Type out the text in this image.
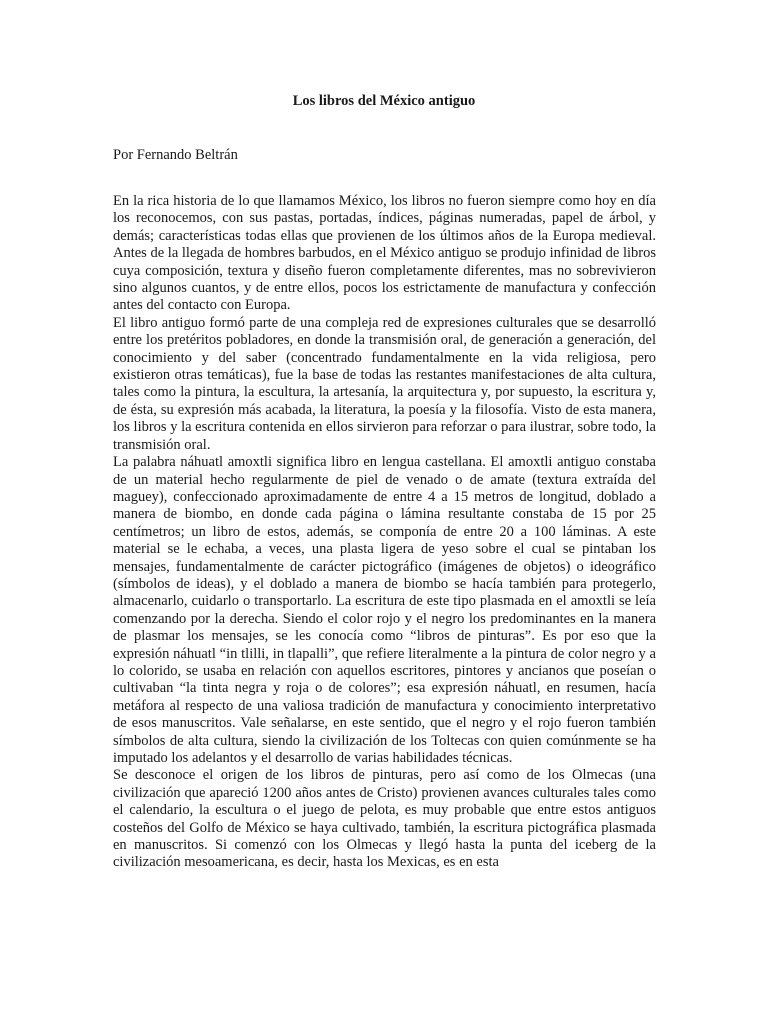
Los libros del México antiguo
Por Fernando Beltrán

En la rica historia de lo que llamamos México, los libros no fueron siempre como hoy en día los reconocemos, con sus pastas, portadas, índices, páginas numeradas, papel de árbol, y demás; características todas ellas que provienen de los últimos años de la Europa medieval. Antes de la llegada de hombres barbudos, en el México antiguo se produjo infinidad de libros cuya composición, textura y diseño fueron completamente diferentes, mas no sobrevivieron sino algunos cuantos, y de entre ellos, pocos los estrictamente de manufactura y confección antes del contacto con Europa.

El libro antiguo formó parte de una compleja red de expresiones culturales que se desarrolló entre los pretéritos pobladores, en donde la transmisión oral, de generación a generación, del conocimiento y del saber (concentrado fundamentalmente en la vida religiosa, pero existieron otras temáticas), fue la base de todas las restantes manifestaciones de alta cultura, tales como la pintura, la escultura, la artesanía, la arquitectura y, por supuesto, la escritura y, de ésta, su expresión más acabada, la literatura, la poesía y la filosofía. Visto de esta manera, los libros y la escritura contenida en ellos sirvieron para reforzar o para ilustrar, sobre todo, la transmisión oral.

La palabra náhuatl amoxtli significa libro en lengua castellana. El amoxtli antiguo constaba de un material hecho regularmente de piel de venado o de amate (textura extraída del maguey), confeccionado aproximadamente de entre 4 a 15 metros de longitud, doblado a manera de biombo, en donde cada página o lámina resultante constaba de 15 por 25 centímetros; un libro de estos, además, se componía de entre 20 a 100 láminas. A este material se le echaba, a veces, una plasta ligera de yeso sobre el cual se pintaban los mensajes, fundamentalmente de carácter pictográfico (imágenes de objetos) o ideográfico (símbolos de ideas), y el doblado a manera de biombo se hacía también para protegerlo, almacenarlo, cuidarlo o transportarlo. La escritura de este tipo plasmada en el amoxtli se leía comenzando por la derecha. Siendo el color rojo y el negro los predominantes en la manera de plasmar los mensajes, se les conocía como “libros de pinturas”. Es por eso que la expresión náhuatl “in tlilli, in tlapalli”, que refiere literalmente a la pintura de color negro y a lo colorido, se usaba en relación con aquellos escritores, pintores y ancianos que poseían o cultivaban “la tinta negra y roja o de colores”; esa expresión náhuatl, en resumen, hacía metáfora al respecto de una valiosa tradición de manufactura y conocimiento interpretativo de esos manuscritos. Vale señalarse, en este sentido, que el negro y el rojo fueron también símbolos de alta cultura, siendo la civilización de los Toltecas con quien comúnmente se ha imputado los adelantos y el desarrollo de varias habilidades técnicas.

Se desconoce el origen de los libros de pinturas, pero así como de los Olmecas (una civilización que apareció 1200 años antes de Cristo) provienen avances culturales tales como el calendario, la escultura o el juego de pelota, es muy probable que entre estos antiguos costeños del Golfo de México se haya cultivado, también, la escritura pictográfica plasmada en manuscritos. Si comenzó con los Olmecas y llegó hasta la punta del iceberg de la civilización mesoamericana, es decir, hasta los Mexicas, es en esta
